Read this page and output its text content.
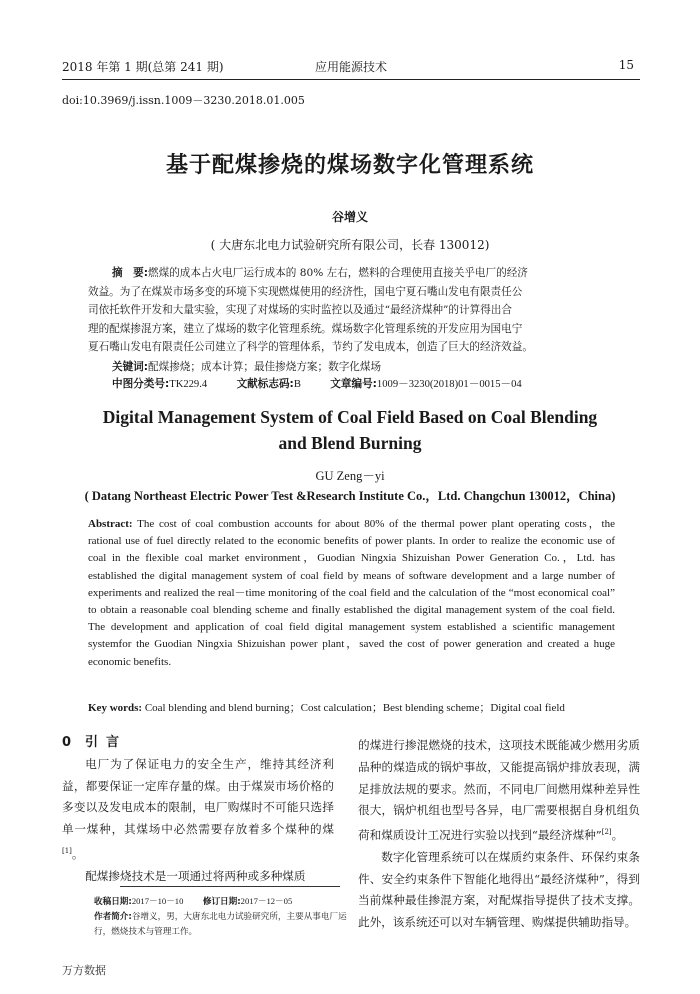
2018 年第 1 期(总第 241 期)	应用能源技术	15
doi:10.3969/j.issn.1009－3230.2018.01.005
基于配煤掺烧的煤场数字化管理系统
谷增义
( 大唐东北电力试验研究所有限公司，长春 130012)
摘　要:燃煤的成本占火电厂运行成本的 80% 左右，燃料的合理使用直接关乎电厂的经济
效益。为了在煤炭市场多变的环境下实现燃煤使用的经济性，国电宁夏石嘴山发电有限责任公
司依托软件开发和大量实验，实现了对煤场的实时监控以及通过“最经济煤种”的计算得出合
理的配煤掺混方案，建立了煤场的数字化管理系统。煤场数字化管理系统的开发应用为国电宁
夏石嘴山发电有限责任公司建立了科学的管理体系，节约了发电成本，创造了巨大的经济效益。
关键词:配煤掺烧；成本计算；最佳掺烧方案；数字化煤场
中图分类号:TK229.4	文献标志码:B	文章编号:1009－3230(2018)01－0015－04
Digital Management System of Coal Field Based on Coal Blending
and Blend Burning
GU Zeng－yi
( Datang Northeast Electric Power Test &Research Institute Co.，Ltd. Changchun 130012，China)
Abstract: The cost of coal combustion accounts for about 80% of the thermal power plant operating costs，the rational use of fuel directly related to the economic benefits of power plants. In order to realize the economic use of coal in the flexible coal market environment，Guodian Ningxia Shizuishan Power Generation Co.，Ltd. has established the digital management system of coal field by means of software development and a large number of experiments and realized the real－time monitoring of the coal field and the calculation of the “most economical coal” to obtain a reasonable coal blending scheme and finally established the digital management system of the coal field. The development and application of coal field digital management system established a scientific management systemfor the Guodian Ningxia Shizuishan power plant，saved the cost of power generation and created a huge economic benefits.
Key words: Coal blending and blend burning；Cost calculation；Best blending scheme；Digital coal field
0 引言

电厂为了保证电力的安全生产，维持其经济利益，都要保证一定库存量的煤。由于煤炭市场价格的多变以及发电成本的限制，电厂购煤时不可能只选择单一煤种，其煤场中必然需要存放着多个煤种的煤[1]。

配煤掺烧技术是一项通过将两种或多种煤质

的煤进行掺混燃烧的技术，这项技术既能减少燃用劣质品种的煤造成的锅炉事故，又能提高锅炉排放表现，满足排放法规的要求。然而，不同电厂间燃用煤种差异性很大，锅炉机组也型号各异，电厂需要根据自身机组负荷和煤质设计工况进行实验以找到“最经济煤种”[2]。

数字化管理系统可以在煤质约束条件、环保约束条件、安全约束条件下智能化地得出“最经济煤种”，得到当前煤种最佳掺混方案，对配煤指导提供了技术支撑。此外，该系统还可以对车辆管理、购煤提供辅助指导。

收稿日期:2017－10－10 修订日期:2017－12－05
作者简介:谷增义，男，大唐东北电力试验研究所，主要从事电厂运行，燃烧技术与管理工作。
万方数据
